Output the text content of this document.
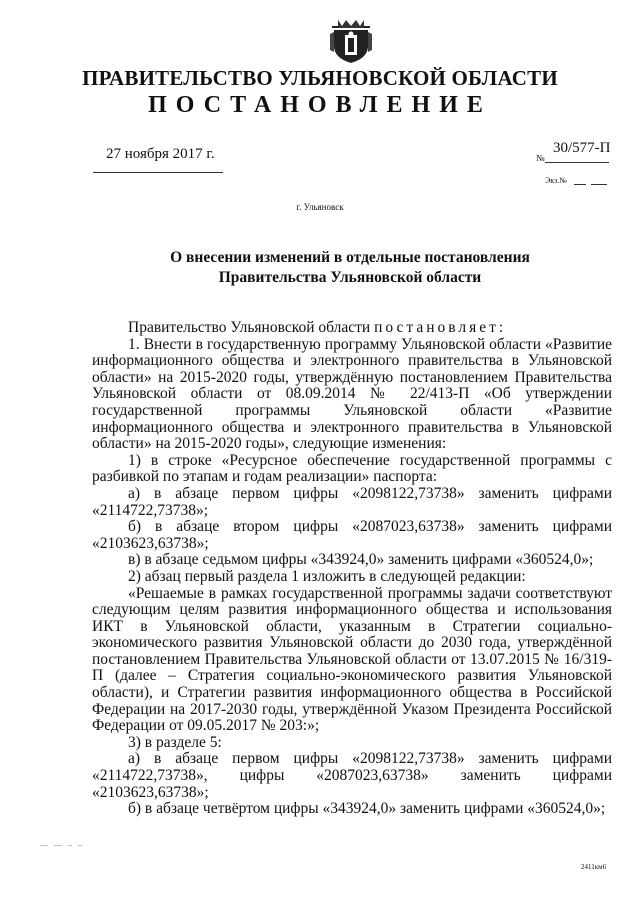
ПРАВИТЕЛЬСТВО УЛЬЯНОВСКОЙ ОБЛАСТИ
ПОСТАНОВЛЕНИЕ
27 ноября 2017 г.	30/577-П
№
Экз.№
г. Ульяновск
О внесении изменений в отдельные постановления
Правительства Ульяновской области

Правительство Ульяновской области постановляет:

1. Внести в государственную программу Ульяновской области «Развитие информационного общества и электронного правительства в Ульяновской области» на 2015-2020 годы, утверждённую постановлением Правительства Ульяновской области от 08.09.2014 № 22/413-П «Об утверждении государственной программы Ульяновской области «Развитие информационного общества и электронного правительства в Ульяновской области» на 2015-2020 годы», следующие изменения:

1) в строке «Ресурсное обеспечение государственной программы с разбивкой по этапам и годам реализации» паспорта:

а) в абзаце первом цифры «2098122,73738» заменить цифрами «2114722,73738»;

б) в абзаце втором цифры «2087023,63738» заменить цифрами «2103623,63738»;

в) в абзаце седьмом цифры «343924,0» заменить цифрами «360524,0»;

2) абзац первый раздела 1 изложить в следующей редакции:

«Решаемые в рамках государственной программы задачи соответствуют следующим целям развития информационного общества и использования ИКТ в Ульяновской области, указанным в Стратегии социально-экономического развития Ульяновской области до 2030 года, утверждённой постановлением Правительства Ульяновской области от 13.07.2015 № 16/319-П (далее – Стратегия социально-экономического развития Ульяновской области), и Стратегии развития информационного общества в Российской Федерации на 2017-2030 годы, утверждённой Указом Президента Российской Федерации от 09.05.2017 № 203:»;

3) в разделе 5:

а) в абзаце первом цифры «2098122,73738» заменить цифрами «2114722,73738», цифры «2087023,63738» заменить цифрами «2103623,63738»;

б) в абзаце четвёртом цифры «343924,0» заменить цифрами «360524,0»;

— — – –
2411км6
